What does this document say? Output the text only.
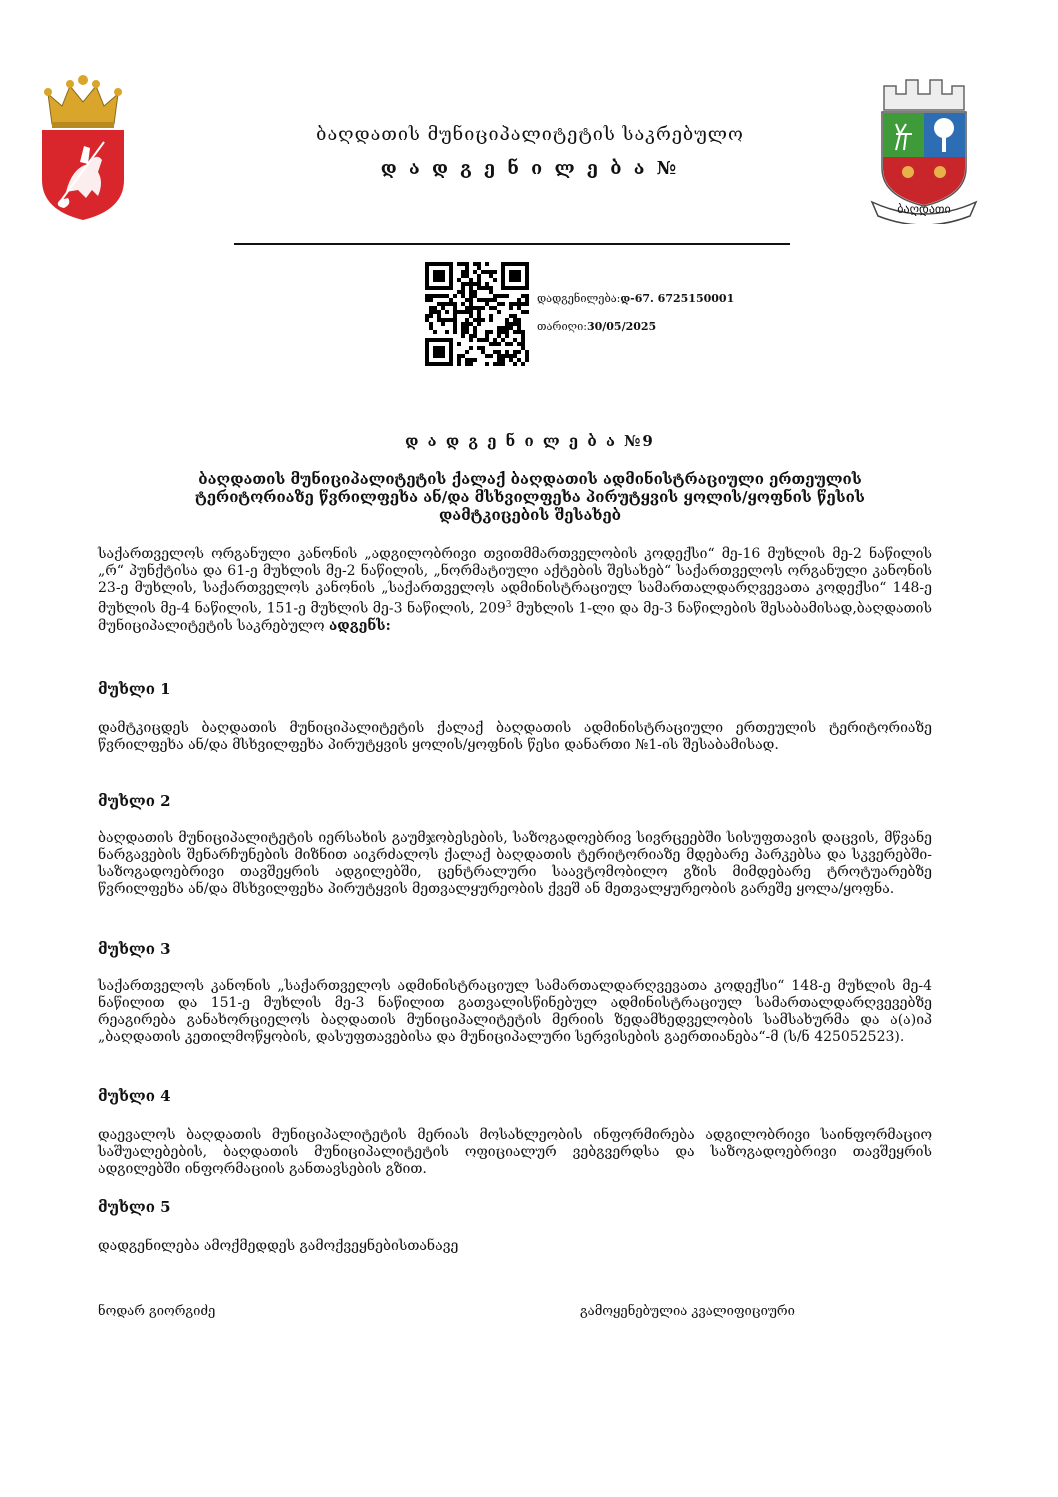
ბაღდათი
ბაღდათის მუნიციპალიტეტის საკრებულო
დ ა დ გ ე ნ ი ლ ე ბ ა №
დადგენილება:დ-67. 6725150001
თარიღი:30/05/2025
დ ა დ გ ე ნ ი ლ ე ბ ა №9
ბაღდათის მუნიციპალიტეტის ქალაქ ბაღდათის ადმინისტრაციული ერთეულის
ტერიტორიაზე წვრილფეხა ან/და მსხვილფეხა პირუტყვის ყოლის/ყოფნის წესის
დამტკიცების შესახებ
საქართველოს ორგანული კანონის „ადგილობრივი თვითმმართველობის კოდექსი“ მე-16 მუხლის მე-2 ნაწილის „რ“ პუნქტისა და 61-ე მუხლის მე-2 ნაწილის, „ნორმატიული აქტების შესახებ“ საქართველოს ორგანული კანონის 23-ე მუხლის, საქართველოს კანონის „საქართველოს ადმინისტრაციულ სამართალდარღვევათა კოდექსი“ 148-ე მუხლის მე-4 ნაწილის, 151-ე მუხლის მე-3 ნაწილის, $209^3$ მუხლის 1-ლი და მე-3 ნაწილების შესაბამისად,ბაღდათის მუნიციპალიტეტის საკრებულო ადგენს:
მუხლი 1
დამტკიცდეს ბაღდათის მუნიციპალიტეტის ქალაქ ბაღდათის ადმინისტრაციული ერთეულის ტერიტორიაზე წვრილფეხა ან/და მსხვილფეხა პირუტყვის ყოლის/ყოფნის წესი დანართი №1-ის შესაბამისად.
მუხლი 2
ბაღდათის მუნიციპალიტეტის იერსახის გაუმჯობესების, საზოგადოებრივ სივრცეებში სისუფთავის დაცვის, მწვანე ნარგავების შენარჩუნების მიზნით აიკრძალოს ქალაქ ბაღდათის ტერიტორიაზე მდებარე პარკებსა და სკვერებში-საზოგადოებრივი თავშეყრის ადგილებში, ცენტრალური საავტომობილო გზის მიმდებარე ტროტუარებზე წვრილფეხა ან/და მსხვილფეხა პირუტყვის მეთვალყურეობის ქვეშ ან მეთვალყურეობის გარეშე ყოლა/ყოფნა.
მუხლი 3
საქართველოს კანონის „საქართველოს ადმინისტრაციულ სამართალდარღვევათა კოდექსი“ 148-ე მუხლის მე-4 ნაწილით და 151-ე მუხლის მე-3 ნაწილით გათვალისწინებულ ადმინისტრაციულ სამართალდარღვევებზე რეაგირება განახორციელოს ბაღდათის მუნიციპალიტეტის მერიის ზედამხედველობის სამსახურმა და ა(ა)იპ „ბაღდათის კეთილმოწყობის, დასუფთავებისა და მუნიციპალური სერვისების გაერთიანება“-მ (ს/ნ 425052523).
მუხლი 4
დაევალოს ბაღდათის მუნიციპალიტეტის მერიას მოსახლეობის ინფორმირება ადგილობრივი საინფორმაციო საშუალებების, ბაღდათის მუნიციპალიტეტის ოფიციალურ ვებგვერდსა და საზოგადოებრივი თავშეყრის ადგილებში ინფორმაციის განთავსების გზით.
მუხლი 5
დადგენილება ამოქმედდეს გამოქვეყნებისთანავე
ნოდარ გიორგიძე	გამოყენებულია კვალიფიციური
